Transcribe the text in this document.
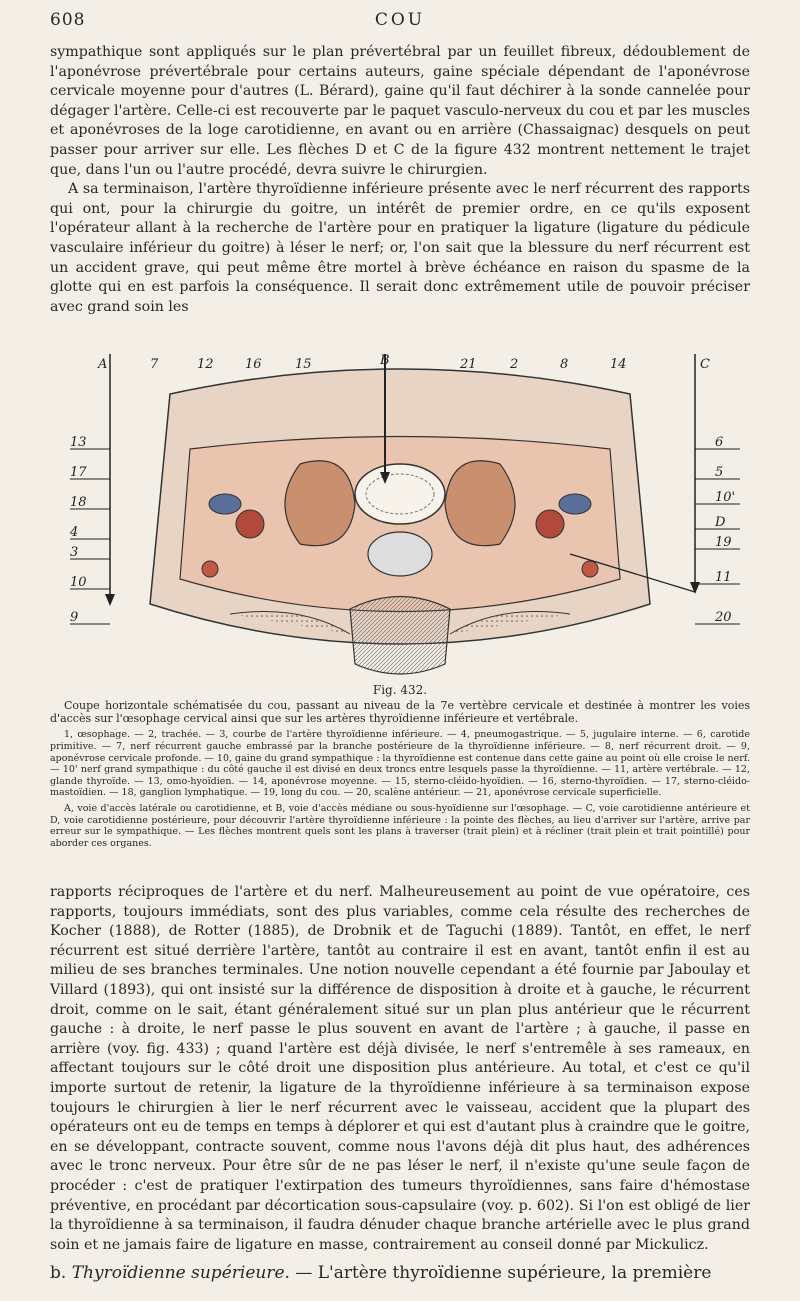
608	COU

sympathique sont appliqués sur le plan prévertébral par un feuillet fibreux, dédoublement de l'aponévrose prévertébrale pour certains auteurs, gaine spéciale dépendant de l'aponévrose cervicale moyenne pour d'autres (L. Bérard), gaine qu'il faut déchirer à la sonde cannelée pour dégager l'artère. Celle-ci est recouverte par le paquet vasculo-nerveux du cou et par les muscles et aponévroses de la loge carotidienne, en avant ou en arrière (Chassaignac) desquels on peut passer pour arriver sur elle. Les flèches D et C de la figure 432 montrent nettement le trajet que, dans l'un ou l'autre procédé, devra suivre le chirurgien.

A sa terminaison, l'artère thyroïdienne inférieure présente avec le nerf récurrent des rapports qui ont, pour la chirurgie du goitre, un intérêt de premier ordre, en ce qu'ils exposent l'opérateur allant à la recherche de l'artère pour en pratiquer la ligature (ligature du pédicule vasculaire inférieur du goitre) à léser le nerf; or, l'on sait que la blessure du nerf récurrent est un accident grave, qui peut même être mortel à brève échéance en raison du spasme de la glotte qui en est parfois la conséquence. Il serait donc extrêmement utile de pouvoir préciser avec grand soin les

A	7	12 16	15	B	21	2	8	14	C
13
17
18
4
3
10
9
6
5
10'
D
19
11
20
Fig. 432.

Coupe horizontale schématisée du cou, passant au niveau de la 7e vertèbre cervicale et destinée à montrer les voies d'accès sur l'œsophage cervical ainsi que sur les artères thyroïdienne inférieure et vertébrale.

1, œsophage. — 2, trachée. — 3, courbe de l'artère thyroïdienne inférieure. — 4, pneumogastrique. — 5, jugulaire interne. — 6, carotide primitive. — 7, nerf récurrent gauche embrassé par la branche postérieure de la thyroïdienne inférieure. — 8, nerf récurrent droit. — 9, aponévrose cervicale profonde. — 10, gaine du grand sympathique : la thyroïdienne est contenue dans cette gaine au point où elle croise le nerf. — 10' nerf grand sympathique : du côté gauche il est divisé en deux troncs entre lesquels passe la thyroïdienne. — 11, artère vertébrale. — 12, glande thyroïde. — 13, omo-hyoïdien. — 14, aponévrose moyenne. — 15, sterno-cléido-hyoïdien. — 16, sterno-thyroïdien. — 17, sterno-cléido-mastoïdien. — 18, ganglion lymphatique. — 19, long du cou. — 20, scalène antérieur. — 21, aponévrose cervicale superficielle.

A, voie d'accès latérale ou carotidienne, et B, voie d'accès médiane ou sous-hyoïdienne sur l'œsophage. — C, voie carotidienne antérieure et D, voie carotidienne postérieure, pour découvrir l'artère thyroïdienne inférieure : la pointe des flèches, au lieu d'arriver sur l'artère, arrive par erreur sur le sympathique. — Les flèches montrent quels sont les plans à traverser (trait plein) et à récliner (trait plein et trait pointillé) pour aborder ces organes.

rapports réciproques de l'artère et du nerf. Malheureusement au point de vue opératoire, ces rapports, toujours immédiats, sont des plus variables, comme cela résulte des recherches de Kocher (1888), de Rotter (1885), de Drobnik et de Taguchi (1889). Tantôt, en effet, le nerf récurrent est situé derrière l'artère, tantôt au contraire il est en avant, tantôt enfin il est au milieu de ses branches terminales. Une notion nouvelle cependant a été fournie par Jaboulay et Villard (1893), qui ont insisté sur la différence de disposition à droite et à gauche, le récurrent droit, comme on le sait, étant généralement situé sur un plan plus antérieur que le récurrent gauche : à droite, le nerf passe le plus souvent en avant de l'artère ; à gauche, il passe en arrière (voy. fig. 433) ; quand l'artère est déjà divisée, le nerf s'entremêle à ses rameaux, en affectant toujours sur le côté droit une disposition plus antérieure. Au total, et c'est ce qu'il importe surtout de retenir, la ligature de la thyroïdienne inférieure à sa terminaison expose toujours le chirurgien à lier le nerf récurrent avec le vaisseau, accident que la plupart des opérateurs ont eu de temps en temps à déplorer et qui est d'autant plus à craindre que le goitre, en se développant, contracte souvent, comme nous l'avons déjà dit plus haut, des adhérences avec le tronc nerveux. Pour être sûr de ne pas léser le nerf, il n'existe qu'une seule façon de procéder : c'est de pratiquer l'extirpation des tumeurs thyroïdiennes, sans faire d'hémostase préventive, en procédant par décortication sous-capsulaire (voy. p. 602). Si l'on est obligé de lier la thyroïdienne à sa terminaison, il faudra dénuder chaque branche artérielle avec le plus grand soin et ne jamais faire de ligature en masse, contrairement au conseil donné par Mickulicz.

b. Thyroïdienne supérieure. — L'artère thyroïdienne supérieure, la première
